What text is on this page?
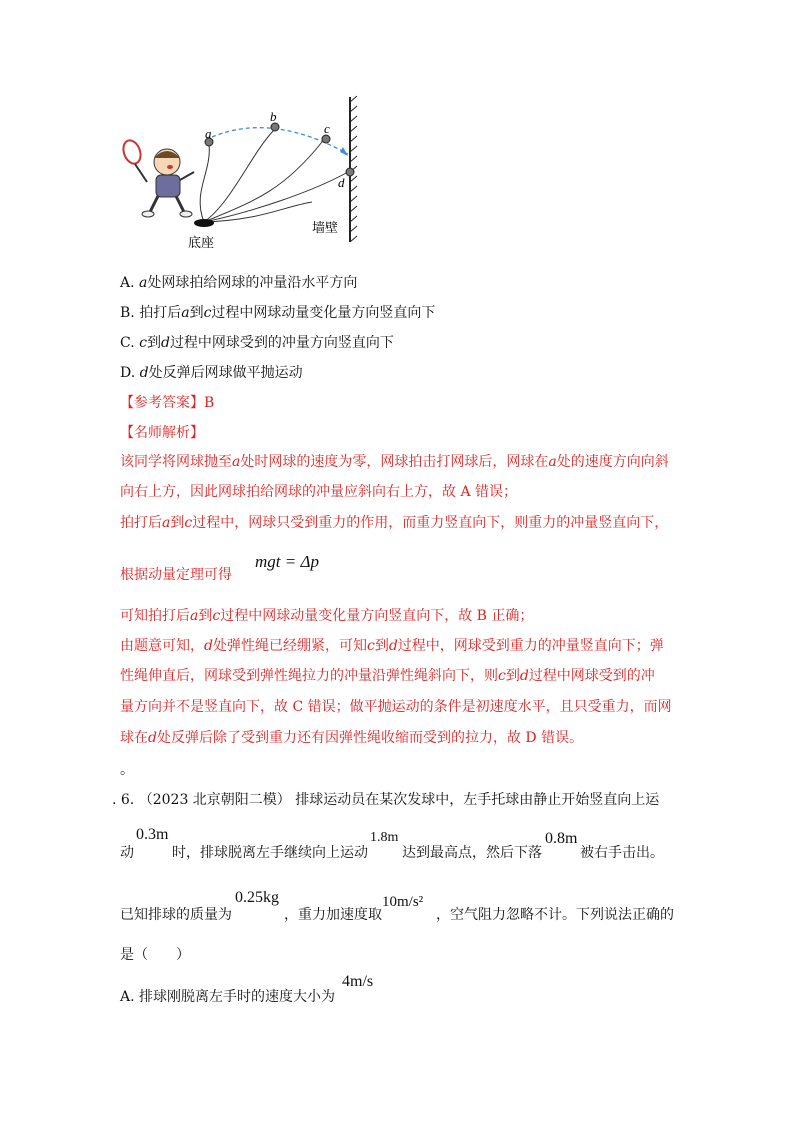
a
b
c
d
底座
墙壁
A. a处网球拍给网球的冲量沿水平方向
B. 拍打后a到c过程中网球动量变化量方向竖直向下
C. c到d过程中网球受到的冲量方向竖直向下
D. d处反弹后网球做平抛运动
【参考答案】B
【名师解析】
该同学将网球抛至a处时网球的速度为零，网球拍击打网球后，网球在a处的速度方向向斜
向右上方，因此网球拍给网球的冲量应斜向右上方，故 A 错误；
拍打后a到c过程中，网球只受到重力的作用，而重力竖直向下，则重力的冲量竖直向下，
根据动量定理可得
mgt = Δp
可知拍打后a到c过程中网球动量变化量方向竖直向下，故 B 正确；
由题意可知，d处弹性绳已经绷紧，可知c到d过程中，网球受到重力的冲量竖直向下；弹
性绳伸直后，网球受到弹性绳拉力的冲量沿弹性绳斜向下，则c到d过程中网球受到的冲
量方向并不是竖直向下，故 C 错误；做平抛运动的条件是初速度水平，且只受重力，而网
球在d处反弹后除了受到重力还有因弹性绳收缩而受到的拉力，故 D 错误。
。
. 6. （2023 北京朝阳二模） 排球运动员在某次发球中，左手托球由静止开始竖直向上运
动
0.3m
时，排球脱离左手继续向上运动
1.8m
达到最高点，然后下落
0.8m
被右手击出。
已知排球的质量为
0.25kg
，重力加速度取
10m/s²
，空气阻力忽略不计。下列说法正确的
是（　　）
A. 排球刚脱离左手时的速度大小为
4m/s
